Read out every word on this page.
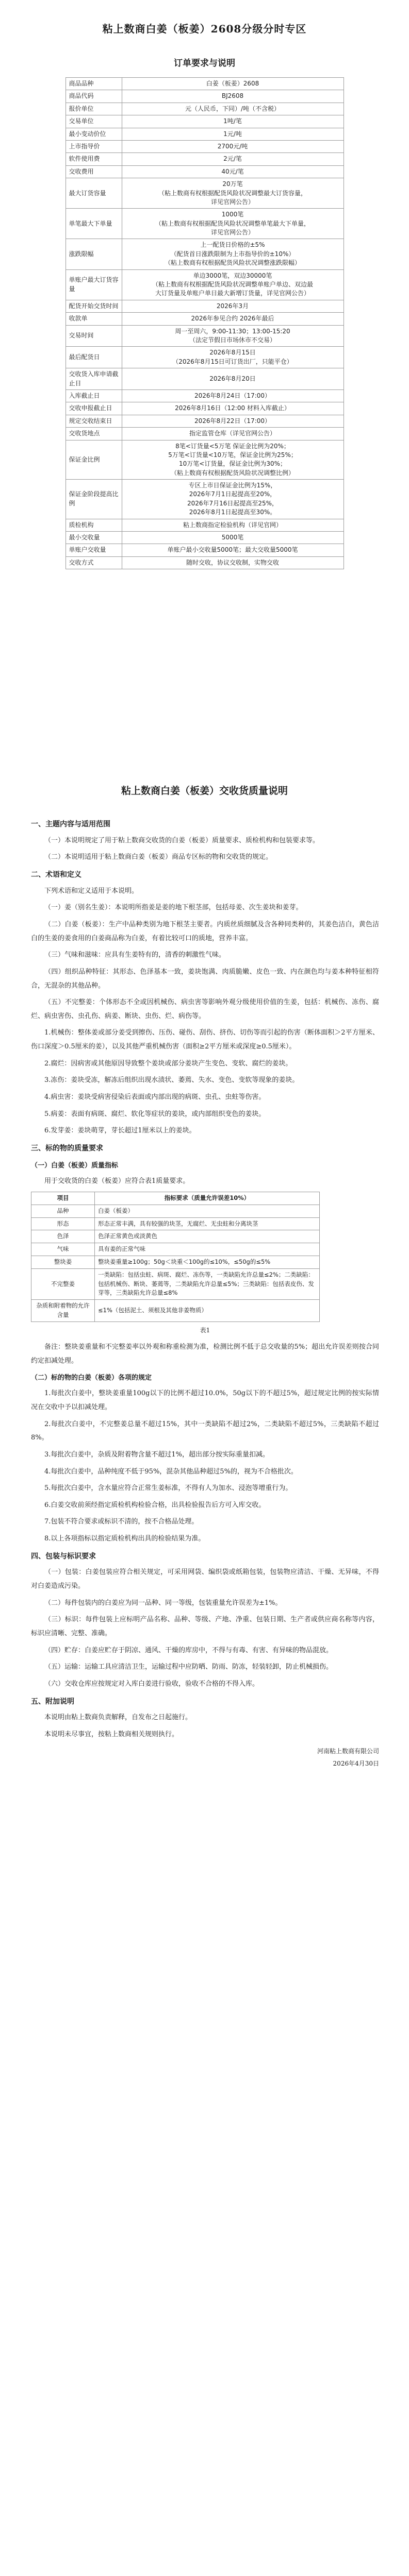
粘上数商白姜（板姜）2608分级分时专区
订单要求与说明
商品品种	白姜（板姜）2608
商品代码	BJ2608
报价单位	元（人民币，下同）/吨（不含税）
交易单位	1吨/笔
最小变动价位	1元/吨
上市指导价	2700元/吨
软件使用费	2元/笔
交收费用	40元/笔
最大订货容量	20万笔
（粘上数商有权根据配货风险状况调整最大订货容量，
详见官网公告）
单笔最大下单量	1000笔
（粘上数商有权根据配货风险状况调整单笔最大下单量，
详见官网公告）
涨跌限幅	上一配货日价格的±5%
（配货首日涨跌限制为上市指导价的±10%）
（粘上数商有权根据配货风险状况调整涨跌限幅）
单账户最大订货容量	单边3000笔，双边30000笔
（粘上数商有权根据配货风险状况调整单账户单边、双边最
大订货量及单账户单日最大新增订货量，详见官网公告）
配货开始交货时间	2026年3月
收款单	2026年参见合约 2026年最后
交易时间	周一至周六，9:00-11:30；13:00-15:20
（法定节假日市场休市不交易）
最后配货日	2026年8月15日
（2026年8月15日可订货出厂，只能平仓）
交收货入库申请截止日	2026年8月20日
入库截止日	2026年8月24日（17:00）
交收申报截止日	2026年8月16日（12:00 材料入库截止）
规定交收结束日	2026年8月22日（17:00）
交收货地点	指定监管仓库（详见官网公告）
保证金比例	8笔<订货量<5万笔 保证金比例为20%；
5万笔<订货量<10万笔，保证金比例为25%；
10万笔<订货量，保证金比例为30%；
（粘上数商有权根据配货风险状况调整比例）
保证金阶段提高比例	专区上市日保证金比例为15%，
2026年7月1日起提高至20%，
2026年7月16日起提高至25%，
2026年8月1日起提高至30%。
质检机构	粘上数商指定检验机构（详见官网）
最小交收量	5000笔
单账户交收量	单账户最小交收量5000笔；最大交收量5000笔
交收方式	随时交收，协议交收制，实物交收
粘上数商白姜（板姜）交收货质量说明
一、主题内容与适用范围

（一）本说明规定了用于粘上数商交收货的白姜（板姜）质量要求、质检机构和包装要求等。

（二）本说明适用于粘上数商白姜（板姜）商品专区标的物和交收货的规定。

二、术语和定义

下列术语和定义适用于本说明。

（一）姜（别名生姜）：本说明所指姜是姜的地下根茎部，包括母姜、次生姜块和姜芽。

（二）白姜（板姜）：生产中品种类别为地下根茎主要者。内质丝质细腻及含各种同类种的，其姜色洁白，黄色洁白的生姜的姜食用的白姜商品称为白姜，有着比较可口的质地，营养丰富。

（三）气味和滋味：应具有生姜特有的，清香的刺激性气味。

（四）组织品种特征：其形态、色泽基本一致，姜块饱满、肉质脆嫩、皮色一致、内在颜色均与姜本种特征相符合，无混杂的其他品种。

（五）不完整姜：个体形态不全或因机械伤、病虫害等影响外观分级使用价值的生姜，包括：机械伤、冻伤、腐烂、病虫害伤、虫孔伤、病姜、断块、虫伤、烂、病伤等。

1.机械伤：整体姜或部分姜受到擦伤、压伤、碰伤、刮伤、挤伤、切伤等而引起的伤害（断体面积＞2平方厘米、伤口深度＞0.5厘米的姜），以及其他严重机械伤害（面积≥2平方厘米或深度≥0.5厘米）。

2.腐烂：因病害或其他原因导致整个姜块或部分姜块产生变色、变软、腐烂的姜块。

3.冻伤：姜块受冻，解冻后组织出现水渍状、萎蔫、失水、变色、变软等现象的姜块。

4.病虫害：姜块受病害侵染后表面或内部出现的病斑、虫孔、虫蛀等伤害。

5.病姜：表面有病斑、腐烂、软化等症状的姜块，或内部组织变色的姜块。

6.发芽姜：姜块萌芽，芽长超过1厘米以上的姜块。

三、标的物的质量要求
（一）白姜（板姜）质量指标

用于交收货的白姜（板姜）应符合表1质量要求。

项目	指标要求（质量允许误差10%）
品种	白姜（板姜）
形态	形态正常丰满，具有较强的块茎，无腐烂、无虫蛀和分离块茎
色泽	色泽正常黄色或淡黄色
气味	具有姜的正常气味
整块姜	整块姜重量≥100g；50g＜块重＜100g的≤10%，≤50g的≤5%
不完整姜	一类缺陷：包括虫蛀、病斑、腐烂、冻伤等，一类缺陷允许总量≤2%；二类缺陷：包括机械伤、断块、萎蔫等，二类缺陷允许总量≤5%；三类缺陷：包括表皮伤、发芽等，三类缺陷允许总量≤8%
杂质和附着物的允许含量	≤1%（包括泥土、须根及其他非姜物质）
表1

备注：整块姜重量和不完整姜率以外观和称重检测为准，检测比例不低于总交收量的5%；超出允许误差则按合同约定扣减处理。

（二）标的物的白姜（板姜）各项的规定

1.每批次白姜中，整块姜重量100g以下的比例不超过10.0%，50g以下的不超过5%，超过规定比例的按实际情况在交收中予以扣减处理。

2.每批次白姜中，不完整姜总量不超过15%，其中一类缺陷不超过2%，二类缺陷不超过5%，三类缺陷不超过8%。

3.每批次白姜中，杂质及附着物含量不超过1%，超出部分按实际重量扣减。

4.每批次白姜中，品种纯度不低于95%，混杂其他品种超过5%的，视为不合格批次。

5.每批次白姜中，含水量应符合正常生姜标准，不得有人为加水、浸泡等增重行为。

6.白姜交收前须经指定质检机构检验合格，出具检验报告后方可入库交收。

7.包装不符合要求或标识不清的，按不合格品处理。

8.以上各项指标以指定质检机构出具的检验结果为准。

四、包装与标识要求

（一）包装：白姜包装应符合相关规定，可采用网袋、编织袋或纸箱包装，包装物应清洁、干燥、无异味，不得对白姜造成污染。

（二）每件包装内的白姜应为同一品种、同一等级，包装重量允许误差为±1%。

（三）标识：每件包装上应标明产品名称、品种、等级、产地、净重、包装日期、生产者或供应商名称等内容，标识应清晰、完整、准确。

（四）贮存：白姜应贮存于阴凉、通风、干燥的库房中，不得与有毒、有害、有异味的物品混放。

（五）运输：运输工具应清洁卫生，运输过程中应防晒、防雨、防冻，轻装轻卸，防止机械损伤。

（六）交收仓库应按规定对入库白姜进行验收，验收不合格的不得入库。

五、附加说明

本说明由粘上数商负责解释，自发布之日起施行。

本说明未尽事宜，按粘上数商相关规则执行。

河南粘上数商有限公司
2026年4月30日
